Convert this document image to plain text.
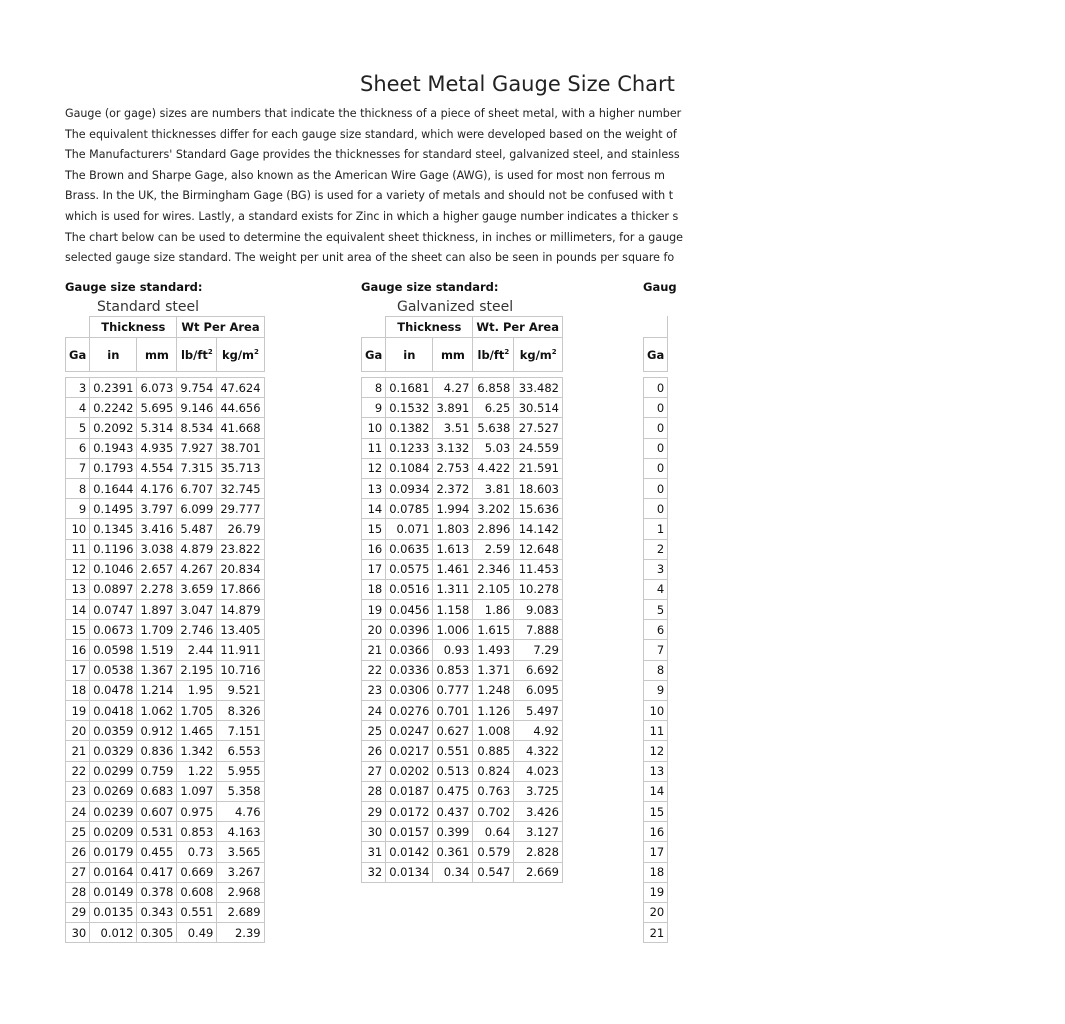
Sheet Metal Gauge Size Chart
Gauge (or gage) sizes are numbers that indicate the thickness of a piece of sheet metal, with a higher number
The equivalent thicknesses differ for each gauge size standard, which were developed based on the weight of
The Manufacturers' Standard Gage provides the thicknesses for standard steel, galvanized steel, and stainless
The Brown and Sharpe Gage, also known as the American Wire Gage (AWG), is used for most non ferrous m
Brass. In the UK, the Birmingham Gage (BG) is used for a variety of metals and should not be confused with t
which is used for wires. Lastly, a standard exists for Zinc in which a higher gauge number indicates a thicker s
The chart below can be used to determine the equivalent sheet thickness, in inches or millimeters, for a gauge
selected gauge size standard. The weight per unit area of the sheet can also be seen in pounds per square fo
Gauge size standard:
Standard steel
	Thickness		Wt Per Area	
Ga	in	mm	$lb/ft^2$	$kg/m^2$

3	0.2391	6.073	9.754	47.624
4	0.2242	5.695	9.146	44.656
5	0.2092	5.314	8.534	41.668
6	0.1943	4.935	7.927	38.701
7	0.1793	4.554	7.315	35.713
8	0.1644	4.176	6.707	32.745
9	0.1495	3.797	6.099	29.777
10	0.1345	3.416	5.487	26.79
11	0.1196	3.038	4.879	23.822
12	0.1046	2.657	4.267	20.834
13	0.0897	2.278	3.659	17.866
14	0.0747	1.897	3.047	14.879
15	0.0673	1.709	2.746	13.405
16	0.0598	1.519	2.44	11.911
17	0.0538	1.367	2.195	10.716
18	0.0478	1.214	1.95	9.521
19	0.0418	1.062	1.705	8.326
20	0.0359	0.912	1.465	7.151
21	0.0329	0.836	1.342	6.553
22	0.0299	0.759	1.22	5.955
23	0.0269	0.683	1.097	5.358
24	0.0239	0.607	0.975	4.76
25	0.0209	0.531	0.853	4.163
26	0.0179	0.455	0.73	3.565
27	0.0164	0.417	0.669	3.267
28	0.0149	0.378	0.608	2.968
29	0.0135	0.343	0.551	2.689
30	0.012	0.305	0.49	2.39
Gauge size standard:
Galvanized steel
	Thickness		Wt. Per Area	
Ga	in	mm	$lb/ft^2$	$kg/m^2$

8	0.1681	4.27	6.858	33.482
9	0.1532	3.891	6.25	30.514
10	0.1382	3.51	5.638	27.527
11	0.1233	3.132	5.03	24.559
12	0.1084	2.753	4.422	21.591
13	0.0934	2.372	3.81	18.603
14	0.0785	1.994	3.202	15.636
15	0.071	1.803	2.896	14.142
16	0.0635	1.613	2.59	12.648
17	0.0575	1.461	2.346	11.453
18	0.0516	1.311	2.105	10.278
19	0.0456	1.158	1.86	9.083
20	0.0396	1.006	1.615	7.888
21	0.0366	0.93	1.493	7.29
22	0.0336	0.853	1.371	6.692
23	0.0306	0.777	1.248	6.095
24	0.0276	0.701	1.126	5.497
25	0.0247	0.627	1.008	4.92
26	0.0217	0.551	0.885	4.322
27	0.0202	0.513	0.824	4.023
28	0.0187	0.475	0.763	3.725
29	0.0172	0.437	0.702	3.426
30	0.0157	0.399	0.64	3.127
31	0.0142	0.361	0.579	2.828
32	0.0134	0.34	0.547	2.669
Gaug

Ga

0
0
0
0
0
0
0
1
2
3
4
5
6
7
8
9
10
11
12
13
14
15
16
17
18
19
20
21
